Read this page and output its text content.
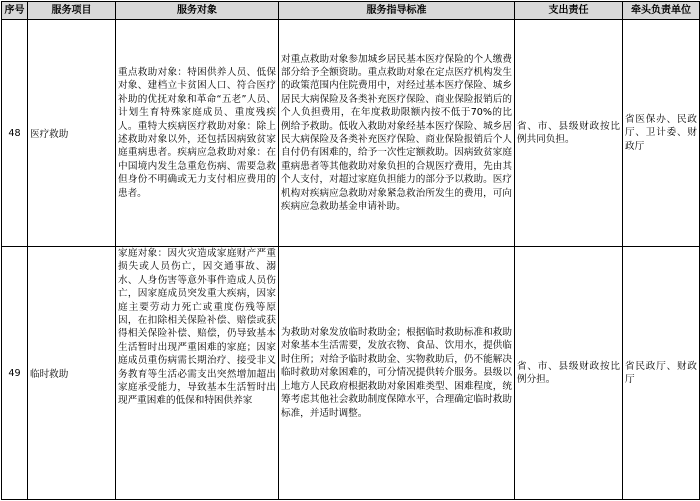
序号	服务项目	服务对象	服务指导标准	支出责任	牵头负责单位
48	医疗救助	重点救助对象：特困供养人员、低保对象、建档立卡贫困人口、符合医疗补助的优抚对象和革命“五老”人员、计划生育特殊家庭成员、重度残疾人。重特大疾病医疗救助对象：除上述救助对象以外，还包括因病致贫家庭重病患者。疾病应急救助对象：在中国境内发生急重危伤病、需要急救但身份不明确或无力支付相应费用的患者。	对重点救助对象参加城乡居民基本医疗保险的个人缴费部分给予全额资助。重点救助对象在定点医疗机构发生的政策范围内住院费用中，对经过基本医疗保险、城乡居民大病保险及各类补充医疗保险、商业保险报销后的个人负担费用，在年度救助限额内按不低于70%的比例给予救助。低收入救助对象经基本医疗保险、城乡居民大病保险及各类补充医疗保险、商业保险报销后个人自付仍有困难的，给予一次性定额救助。因病致贫家庭重病患者等其他救助对象负担的合规医疗费用，先由其个人支付，对超过家庭负担能力的部分予以救助。医疗机构对疾病应急救助对象紧急救治所发生的费用，可向疾病应急救助基金申请补助。	省、市、县级财政按比例共同负担。	省医保办、民政厅、卫计委、财政厅

49	临时救助	家庭对象：因火灾造成家庭财产严重损失或人员伤亡，因交通事故、溺水、人身伤害等意外事件造成人员伤亡，因家庭成员突发重大疾病，因家庭主要劳动力死亡或重度伤残等原因，在扣除相关保险补偿、赔偿或获得相关保险补偿、赔偿，仍导致基本生活暂时出现严重困难的家庭；因家庭成员重伤病需长期治疗、接受非义务教育等生活必需支出突然增加超出家庭承受能力，导致基本生活暂时出现严重困难的低保和特困供养家	为救助对象发放临时救助金；根据临时救助标准和救助对象基本生活需要，发放衣物、食品、饮用水，提供临时住所；对给予临时救助金、实物救助后，仍不能解决临时救助对象困难的，可分情况提供转介服务。县级以上地方人民政府根据救助对象困难类型、困难程度，统筹考虑其他社会救助制度保障水平，合理确定临时救助标准，并适时调整。	省、市、县级财政按比例分担。	省民政厅、财政厅
